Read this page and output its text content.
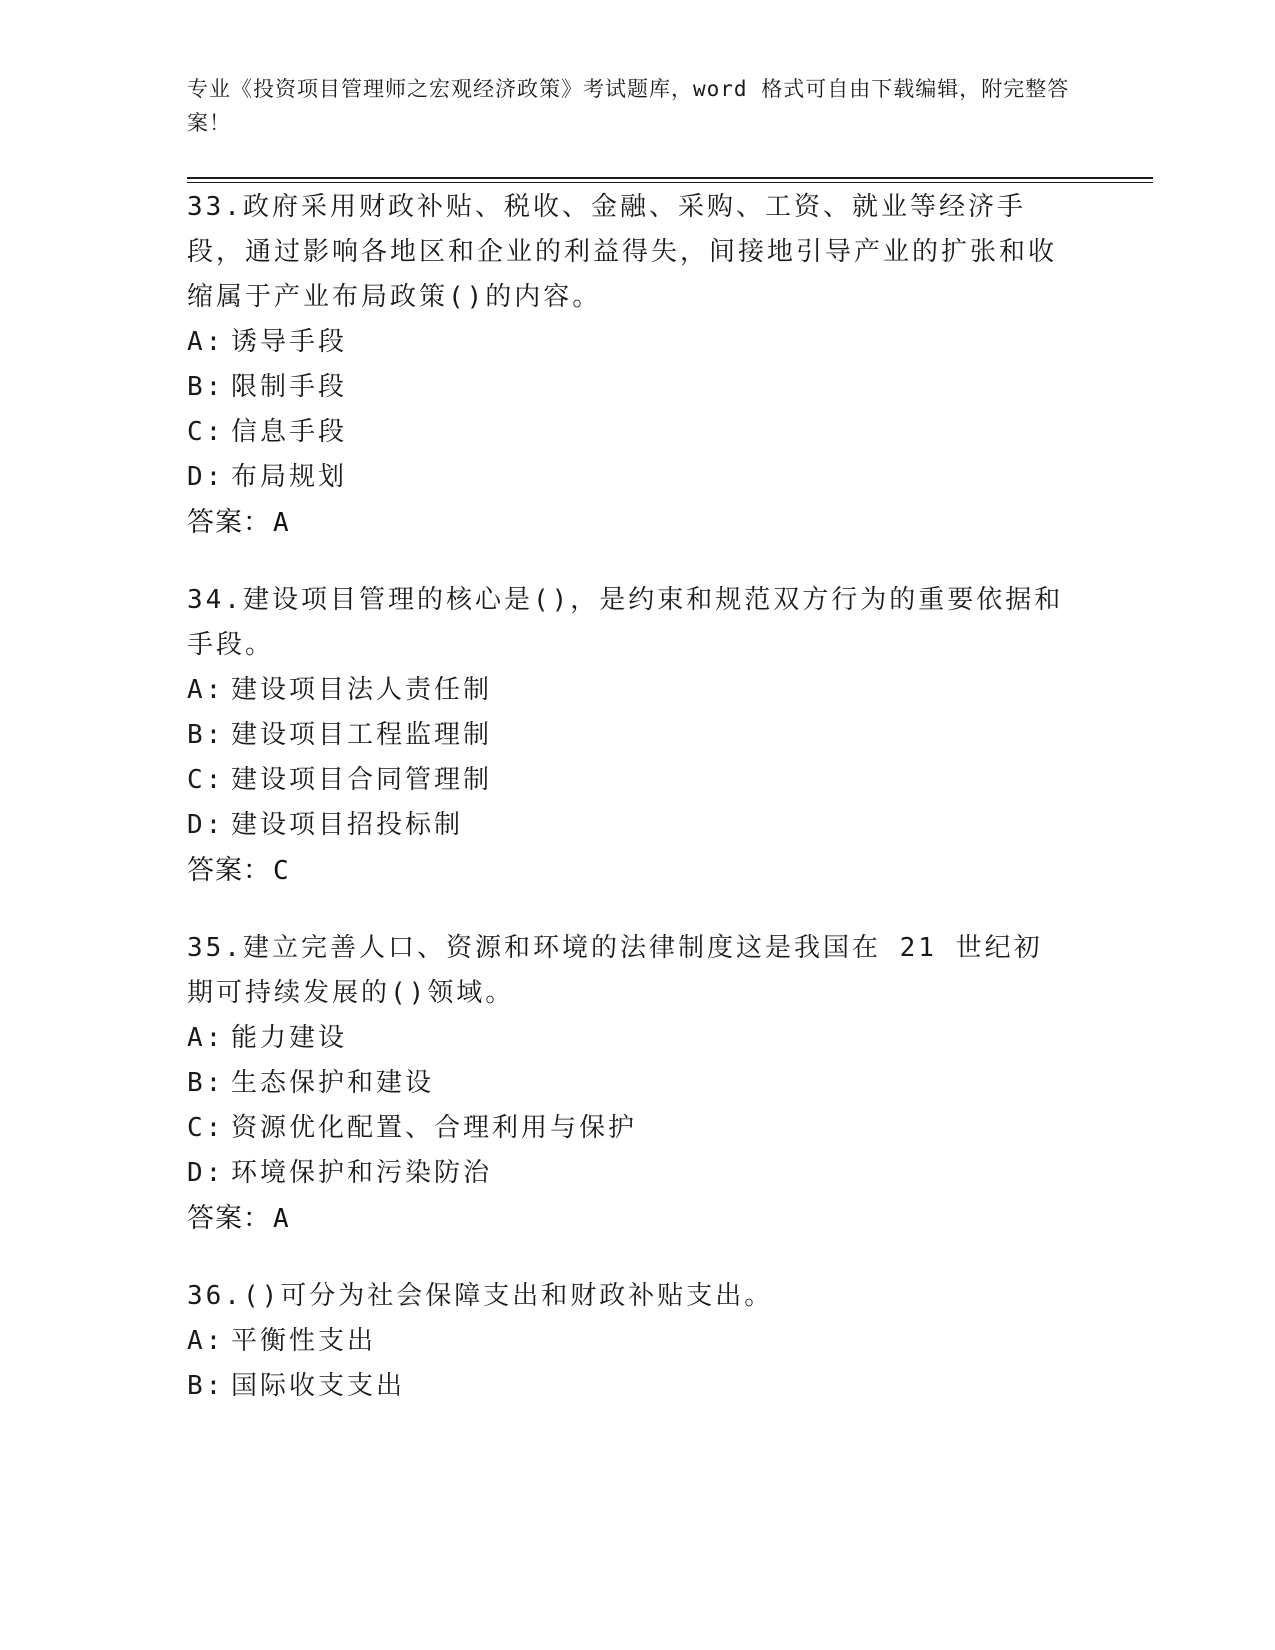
专业《投资项目管理师之宏观经济政策》考试题库，word 格式可自由下载编辑，附完整答案！
33.政府采用财政补贴、税收、金融、采购、工资、就业等经济手段，通过影响各地区和企业的利益得失，间接地引导产业的扩张和收缩属于产业布局政策()的内容。
A: 诱导手段
B: 限制手段
C: 信息手段
D: 布局规划
答案：A
34.建设项目管理的核心是()，是约束和规范双方行为的重要依据和手段。
A: 建设项目法人责任制
B: 建设项目工程监理制
C: 建设项目合同管理制
D: 建设项目招投标制
答案：C
35.建立完善人口、资源和环境的法律制度这是我国在 21 世纪初期可持续发展的()领域。
A: 能力建设
B: 生态保护和建设
C: 资源优化配置、合理利用与保护
D: 环境保护和污染防治
答案：A
36.()可分为社会保障支出和财政补贴支出。
A: 平衡性支出
B: 国际收支支出
